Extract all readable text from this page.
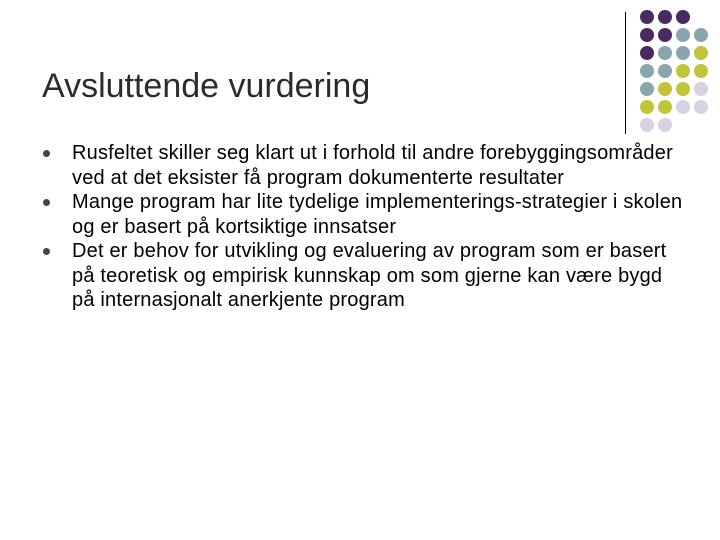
Avsluttende vurdering
Rusfeltet skiller seg klart ut i forhold til andre forebyggingsområder ved at det eksister få program dokumenterte resultater
Mange program har lite tydelige implementerings-strategier i skolen og er basert på kortsiktige innsatser
Det er behov for utvikling og evaluering av program som er basert på teoretisk og empirisk kunnskap om som gjerne kan være bygd på internasjonalt anerkjente program
